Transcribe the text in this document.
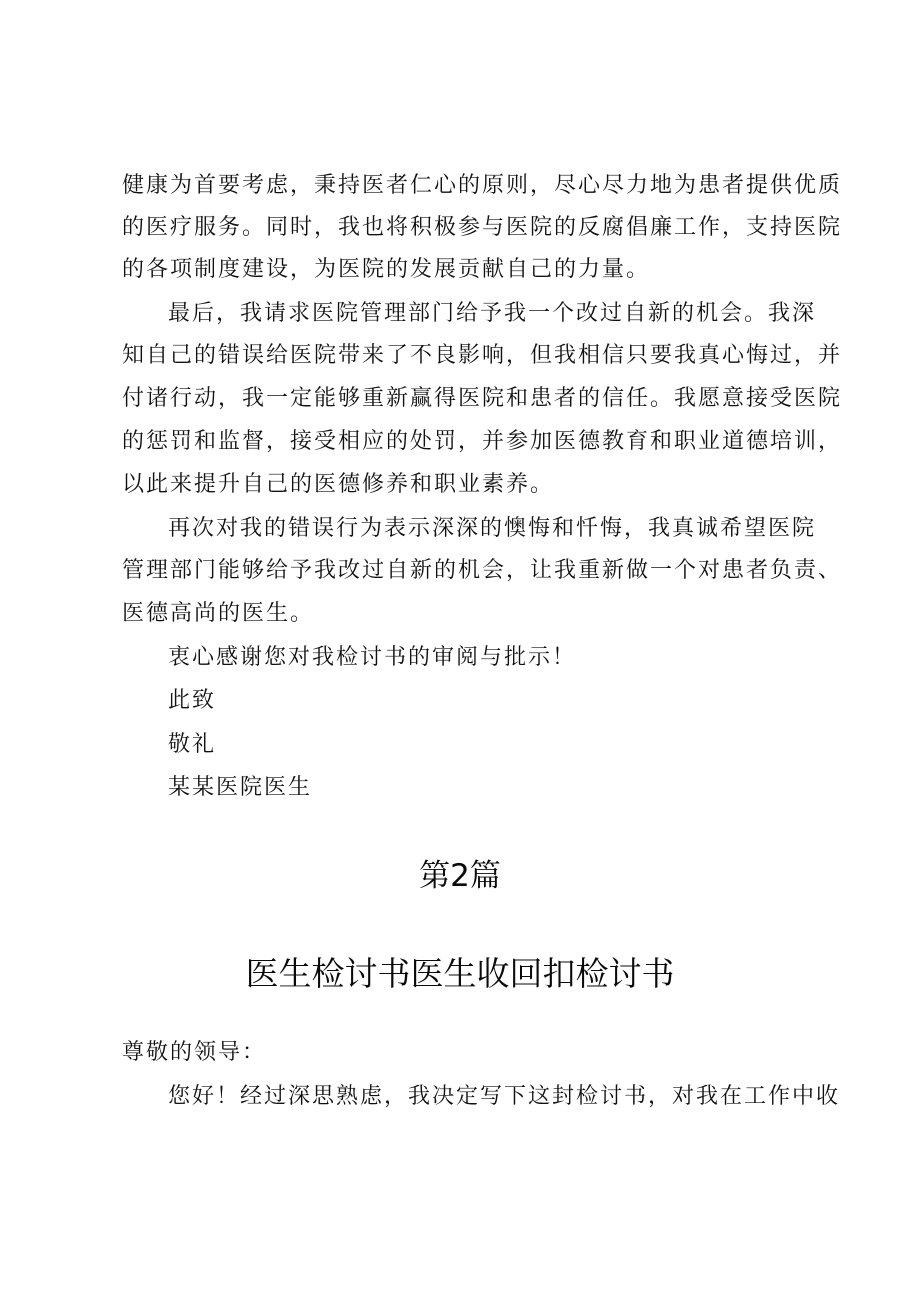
健康为首要考虑，秉持医者仁心的原则，尽心尽力地为患者提供优质
的医疗服务。同时，我也将积极参与医院的反腐倡廉工作，支持医院
的各项制度建设，为医院的发展贡献自己的力量。
最后，我请求医院管理部门给予我一个改过自新的机会。我深
知自己的错误给医院带来了不良影响，但我相信只要我真心悔过，并
付诸行动，我一定能够重新赢得医院和患者的信任。我愿意接受医院
的惩罚和监督，接受相应的处罚，并参加医德教育和职业道德培训，
以此来提升自己的医德修养和职业素养。
再次对我的错误行为表示深深的懊悔和忏悔，我真诚希望医院
管理部门能够给予我改过自新的机会，让我重新做一个对患者负责、
医德高尚的医生。
衷心感谢您对我检讨书的审阅与批示！
此致
敬礼
某某医院医生
第2篇
医生检讨书医生收回扣检讨书
尊敬的领导：
您好！经过深思熟虑，我决定写下这封检讨书，对我在工作中收
